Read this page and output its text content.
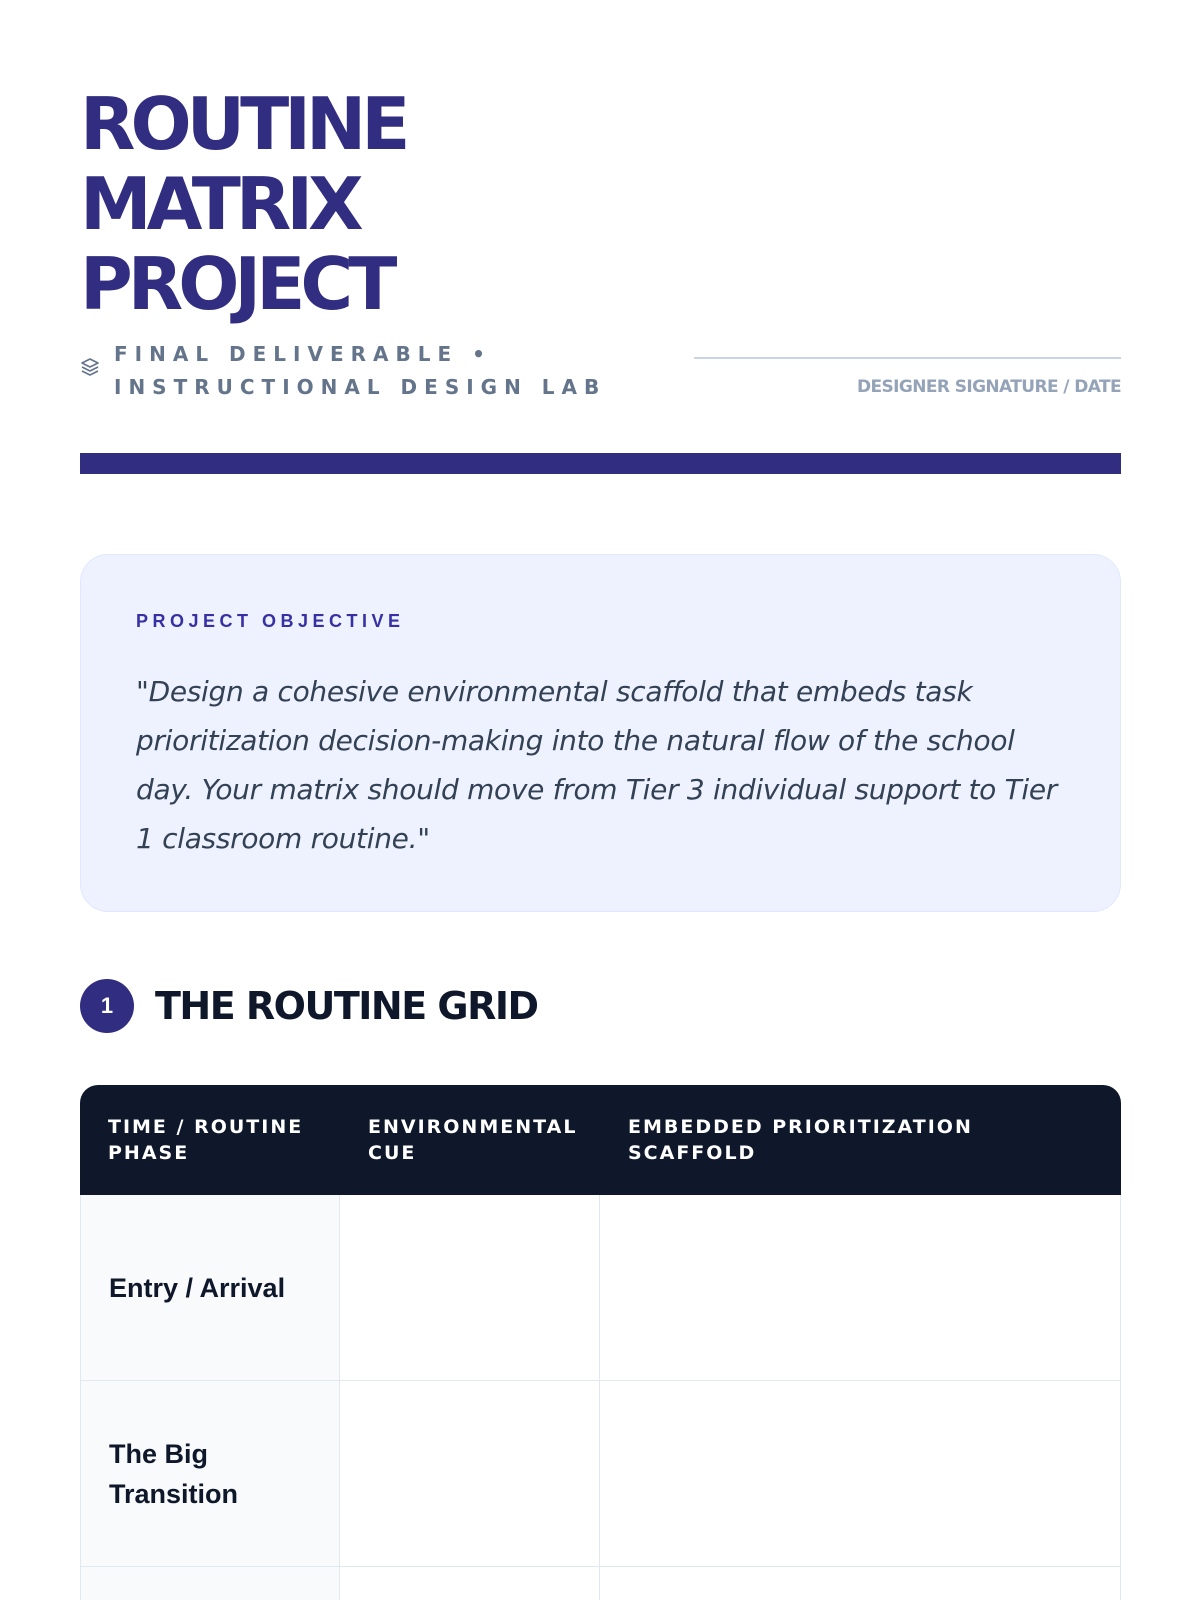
ROUTINE
MATRIX
PROJECT
FINAL DELIVERABLE • INSTRUCTIONAL DESIGN LAB	DESIGNER SIGNATURE / DATE
PROJECT OBJECTIVE

"Design a cohesive environmental scaffold that embeds task prioritization decision-making into the natural flow of the school day. Your matrix should move from Tier 3 individual support to Tier 1 classroom routine."

1	THE ROUTINE GRID
TIME / ROUTINE PHASE	ENVIRONMENTAL CUE	EMBEDDED PRIORITIZATION SCAFFOLD
Entry / Arrival		
The Big Transition		
